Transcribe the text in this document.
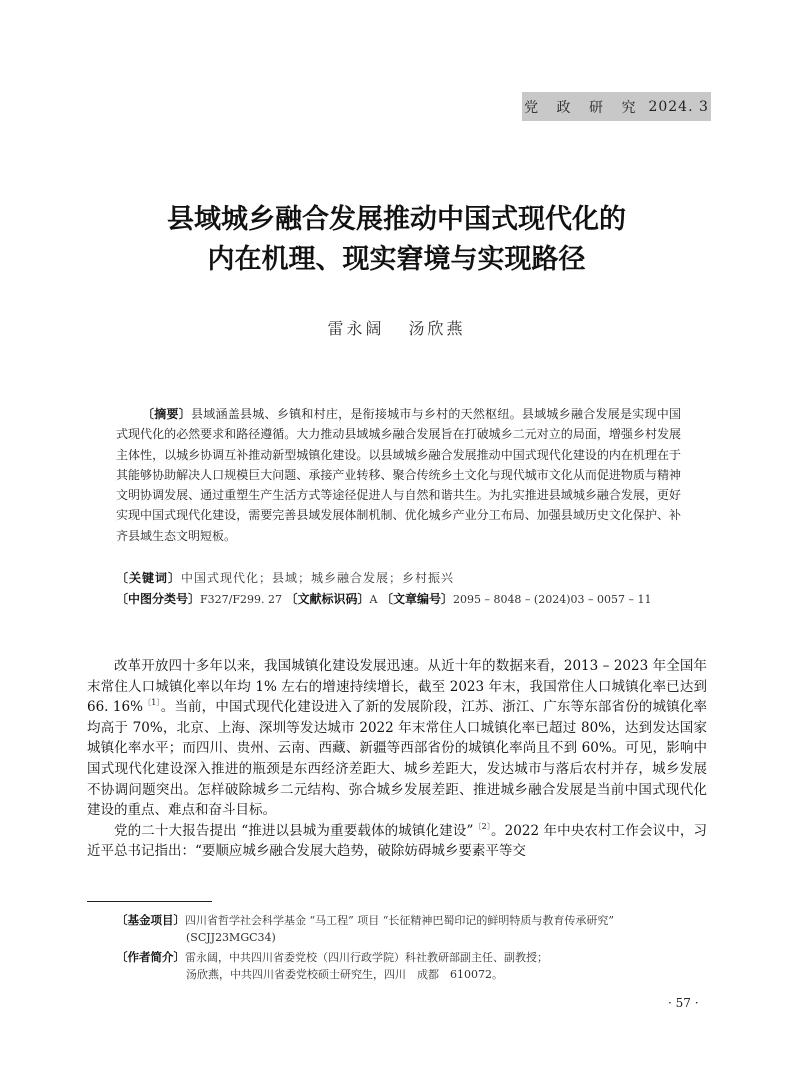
党 政 研 究 2024. 3
县域城乡融合发展推动中国式现代化的
内在机理、现实窘境与实现路径
雷永阔 汤欣燕

〔摘要〕县域涵盖县城、乡镇和村庄，是衔接城市与乡村的天然枢纽。县域城乡融合发展是实现中国式现代化的必然要求和路径遵循。大力推动县域城乡融合发展旨在打破城乡二元对立的局面，增强乡村发展主体性，以城乡协调互补推动新型城镇化建设。以县域城乡融合发展推动中国式现代化建设的内在机理在于其能够协助解决人口规模巨大问题、承接产业转移、聚合传统乡土文化与现代城市文化从而促进物质与精神文明协调发展、通过重塑生产生活方式等途径促进人与自然和谐共生。为扎实推进县域城乡融合发展，更好实现中国式现代化建设，需要完善县域发展体制机制、优化城乡产业分工布局、加强县域历史文化保护、补齐县域生态文明短板。

〔关键词〕中国式现代化；县域；城乡融合发展；乡村振兴
〔中图分类号〕F327/F299. 27 〔文献标识码〕A 〔文章编号〕2095 – 8048 – (2024)03 – 0057 – 11

改革开放四十多年以来，我国城镇化建设发展迅速。从近十年的数据来看，2013 – 2023 年全国年末常住人口城镇化率以年均 1% 左右的增速持续增长，截至 2023 年末，我国常住人口城镇化率已达到 66. 16%$^{〔1〕}$。当前，中国式现代化建设进入了新的发展阶段，江苏、浙江、广东等东部省份的城镇化率均高于 70%，北京、上海、深圳等发达城市 2022 年末常住人口城镇化率已超过 80%，达到发达国家城镇化率水平；而四川、贵州、云南、西藏、新疆等西部省份的城镇化率尚且不到 60%。可见，影响中国式现代化建设深入推进的瓶颈是东西经济差距大、城乡差距大，发达城市与落后农村并存，城乡发展不协调问题突出。怎样破除城乡二元结构、弥合城乡发展差距、推进城乡融合发展是当前中国式现代化建设的重点、难点和奋斗目标。

党的二十大报告提出 “推进以县城为重要载体的城镇化建设”$^{〔2〕}$。2022 年中央农村工作会议中，习近平总书记指出：“要顺应城乡融合发展大趋势，破除妨碍城乡要素平等交

〔基金项目〕四川省哲学社会科学基金 “马工程” 项目 “长征精神巴蜀印记的鲜明特质与教育传承研究”
(SCJJ23MGC34)
〔作者简介〕雷永阔，中共四川省委党校（四川行政学院）科社教研部副主任、副教授；
汤欣燕，中共四川省委党校硕士研究生，四川　成都　610072。
· 57 ·
